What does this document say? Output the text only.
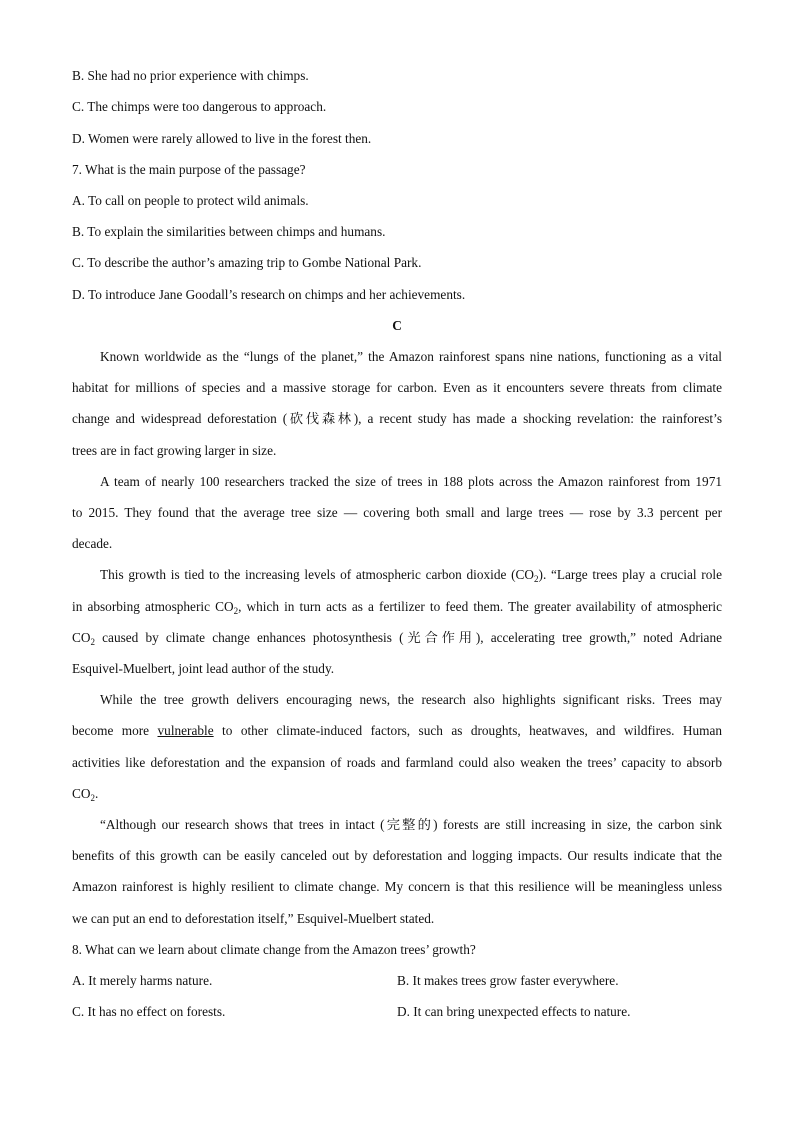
B. She had no prior experience with chimps.
C. The chimps were too dangerous to approach.
D. Women were rarely allowed to live in the forest then.
7. What is the main purpose of the passage?
A. To call on people to protect wild animals.
B. To explain the similarities between chimps and humans.
C. To describe the author’s amazing trip to Gombe National Park.
D. To introduce Jane Goodall’s research on chimps and her achievements.
C
Known worldwide as the “lungs of the planet,” the Amazon rainforest spans nine nations, functioning as a vital
habitat for millions of species and a massive storage for carbon. Even as it encounters severe threats from climate
change and widespread deforestation (砍伐森林), a recent study has made a shocking revelation: the rainforest’s
trees are in fact growing larger in size.
A team of nearly 100 researchers tracked the size of trees in 188 plots across the Amazon rainforest from 1971
to 2015. They found that the average tree size — covering both small and large trees — rose by 3.3 percent per
decade.
This growth is tied to the increasing levels of atmospheric carbon dioxide $(CO_2)$. “Large trees play a crucial role
in absorbing atmospheric $CO_2$, which in turn acts as a fertilizer to feed them. The greater availability of atmospheric
$CO_2$ caused by climate change enhances photosynthesis (光合作用), accelerating tree growth,” noted Adriane
Esquivel-Muelbert, joint lead author of the study.
While the tree growth delivers encouraging news, the research also highlights significant risks. Trees may
become more vulnerable to other climate-induced factors, such as droughts, heatwaves, and wildfires. Human
activities like deforestation and the expansion of roads and farmland could also weaken the trees’ capacity to absorb
$CO_2$.
“Although our research shows that trees in intact (完整的) forests are still increasing in size, the carbon sink
benefits of this growth can be easily canceled out by deforestation and logging impacts. Our results indicate that the
Amazon rainforest is highly resilient to climate change. My concern is that this resilience will be meaningless unless
we can put an end to deforestation itself,” Esquivel-Muelbert stated.
8. What can we learn about climate change from the Amazon trees’ growth?
A. It merely harms nature.	B. It makes trees grow faster everywhere.
C. It has no effect on forests.	D. It can bring unexpected effects to nature.
